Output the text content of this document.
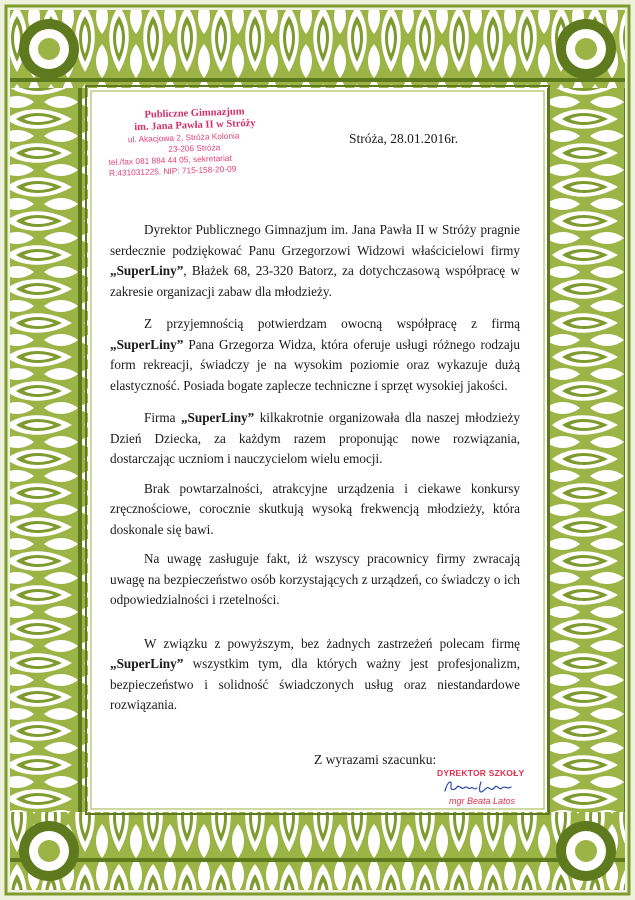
Publiczne Gimnazjum
im. Jana Pawła II w Stróży
ul. Akacjowa 2, Stróża Kolonia
23-206 Stróża
tel./fax 081 884 44 05, sekretariat
R:431031225. NIP: 715-158-20-09
Stróża, 28.01.2016r.

Dyrektor Publicznego Gimnazjum im. Jana Pawła II w Stróży pragnie serdecznie podziękować Panu Grzegorzowi Widzowi właścicielowi firmy „SuperLiny”, Błażek 68, 23-320 Batorz, za dotychczasową współpracę w zakresie organizacji zabaw dla młodzieży.

Z przyjemnością potwierdzam owocną współpracę z firmą „SuperLiny” Pana Grzegorza Widza, która oferuje usługi różnego rodzaju form rekreacji, świadczy je na wysokim poziomie oraz wykazuje dużą elastyczność. Posiada bogate zaplecze techniczne i sprzęt wysokiej jakości.

Firma „SuperLiny” kilkakrotnie organizowała dla naszej młodzieży Dzień Dziecka, za każdym razem proponując nowe rozwiązania, dostarczając uczniom i nauczycielom wielu emocji.

Brak powtarzalności, atrakcyjne urządzenia i ciekawe konkursy zręcznościowe, corocznie skutkują wysoką frekwencją młodzieży, która doskonale się bawi.

Na uwagę zasługuje fakt, iż wszyscy pracownicy firmy zwracają uwagę na bezpieczeństwo osób korzystających z urządzeń, co świadczy o ich odpowiedzialności i rzetelności.

W związku z powyższym, bez żadnych zastrzeżeń polecam firmę „SuperLiny” wszystkim tym, dla których ważny jest profesjonalizm, bezpieczeństwo i solidność świadczonych usług oraz niestandardowe rozwiązania.

Z wyrazami szacunku:
DYREKTOR SZKOŁY
mgr Beata Latos
